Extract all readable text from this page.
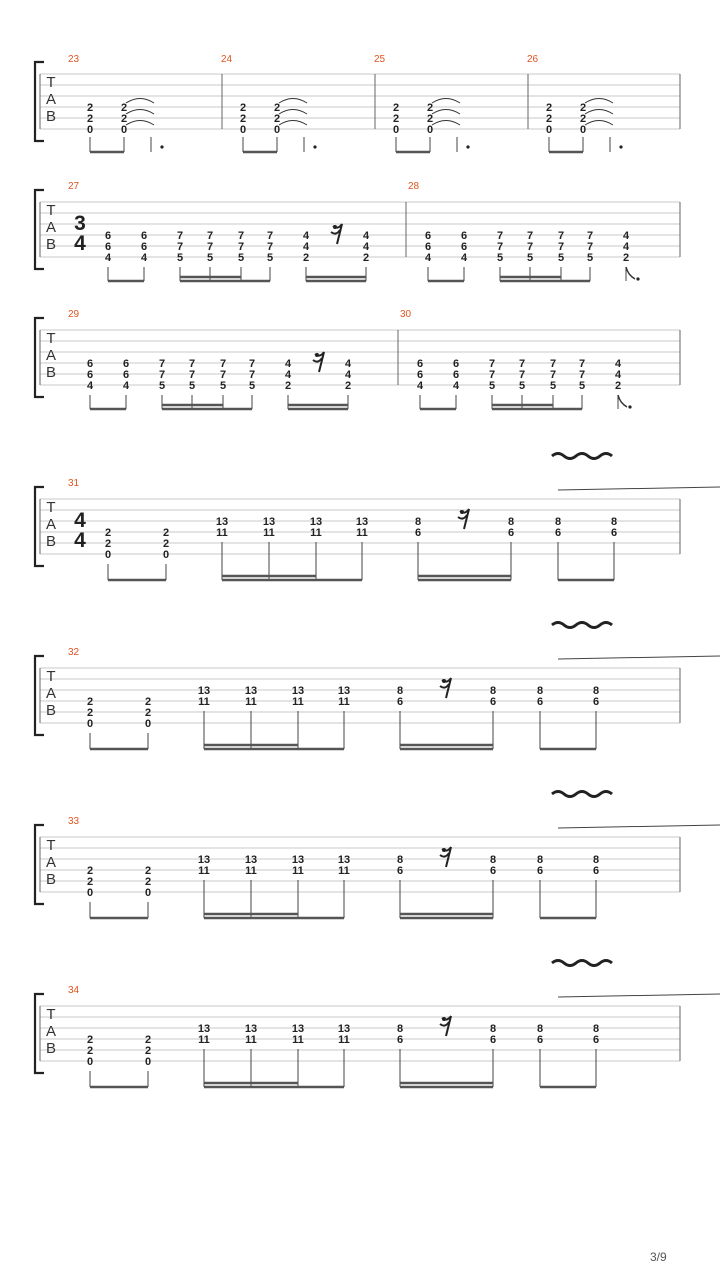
T
A
B
23
2
2
0
2
2
0
24
2
2
0
2
2
0
25
2
2
0
2
2
0
26
2
2
0
2
2
0
T
A
B
3
4
27
6
6
4
6
6
4
7
7
5
7
7
5
7
7
5
7
7
5
4
4
2
4
4
2
28
6
6
4
6
6
4
7
7
5
7
7
5
7
7
5
7
7
5
4
4
2
T
A
B
29
6
6
4
6
6
4
7
7
5
7
7
5
7
7
5
7
7
5
4
4
2
4
4
2
30
6
6
4
6
6
4
7
7
5
7
7
5
7
7
5
7
7
5
4
4
2
T
A
B
4
4
31
2
2
0
2
2
0
13
11
13
11
13
11
13
11
8
6
8
6
8
6
8
6
T
A
B
32
2
2
0
2
2
0
13
11
13
11
13
11
13
11
8
6
8
6
8
6
8
6
T
A
B
33
2
2
0
2
2
0
13
11
13
11
13
11
13
11
8
6
8
6
8
6
8
6
T
A
B
34
2
2
0
2
2
0
13
11
13
11
13
11
13
11
8
6
8
6
8
6
8
6
3/9
